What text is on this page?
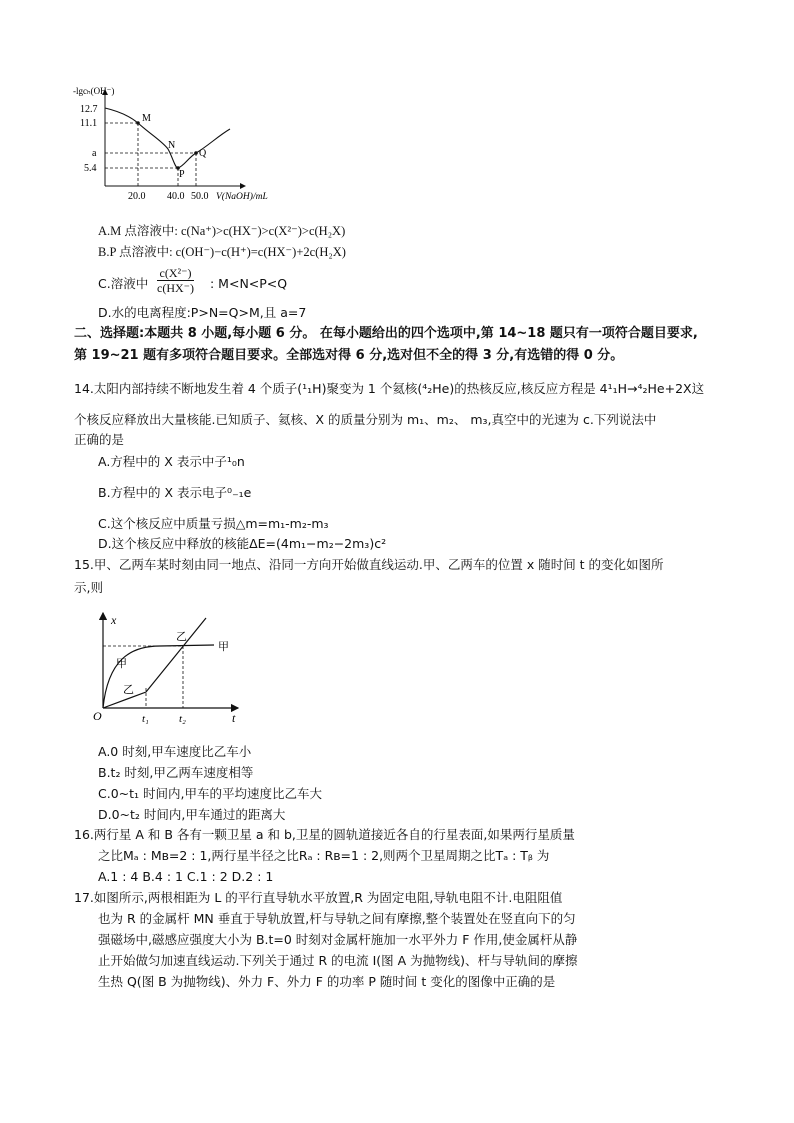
-lgcₕ(OH⁻)
12.7
11.1
a
5.4
20.0 40.0 50.0 V(NaOH)/mL
M
N
P
Q
A.M 点溶液中: c(Na⁺)>c(HX⁻)>c(X²⁻)>c(H₂X)
B.P 点溶液中: c(OH⁻)−c(H⁺)=c(HX⁻)+2c(H₂X)
C.溶液中 $\frac{\text{c(X²⁻)}}{c(HX^-)}$ : M<N<P<Q
D.水的电离程度:P>N=Q>M,且 a=7
二、选择题:本题共 8 小题,每小题 6 分。 在每小题给出的四个选项中,第 14~18 题只有一项符合题目要求,
第 19~21 题有多项符合题目要求。全部选对得 6 分,选对但不全的得 3 分,有选错的得 0 分。
14.太阳内部持续不断地发生着 4 个质子(¹₁H)聚变为 1 个氦核(⁴₂He)的热核反应,核反应方程是 4¹₁H→⁴₂He+2X这
个核反应释放出大量核能.已知质子、氦核、X 的质量分别为 m₁、m₂、 m₃,真空中的光速为 c.下列说法中
正确的是
A.方程中的 X 表示中子¹₀n
B.方程中的 X 表示电子⁰₋₁e
C.这个核反应中质量亏损△m=m₁-m₂-m₃
D.这个核反应中释放的核能ΔE=(4m₁−m₂−2m₃)c²
15.甲、乙两车某时刻由同一地点、沿同一方向开始做直线运动.甲、乙两车的位置 x 随时间 t 的变化如图所
示,则
甲
甲
乙
乙
x
t
O	t₁	t₂
A.0 时刻,甲车速度比乙车小
B.t₂ 时刻,甲乙两车速度相等
C.0~t₁ 时间内,甲车的平均速度比乙车大
D.0~t₂ 时间内,甲车通过的距离大
16.两行星 A 和 B 各有一颗卫星 a 和 b,卫星的圆轨道接近各自的行星表面,如果两行星质量
之比Mₐ : Mʙ=2 : 1,两行星半径之比Rₐ : Rʙ=1 : 2,则两个卫星周期之比Tₐ : Tᵦ 为
A.1 : 4 B.4 : 1 C.1 : 2 D.2 : 1
17.如图所示,两根相距为 L 的平行直导轨水平放置,R 为固定电阻,导轨电阻不计.电阻阻值
也为 R 的金属杆 MN 垂直于导轨放置,杆与导轨之间有摩擦,整个装置处在竖直向下的匀
强磁场中,磁感应强度大小为 B.t=0 时刻对金属杆施加一水平外力 F 作用,使金属杆从静
止开始做匀加速直线运动.下列关于通过 R 的电流 I(图 A 为抛物线)、杆与导轨间的摩擦
生热 Q(图 B 为抛物线)、外力 F、外力 F 的功率 P 随时间 t 变化的图像中正确的是
